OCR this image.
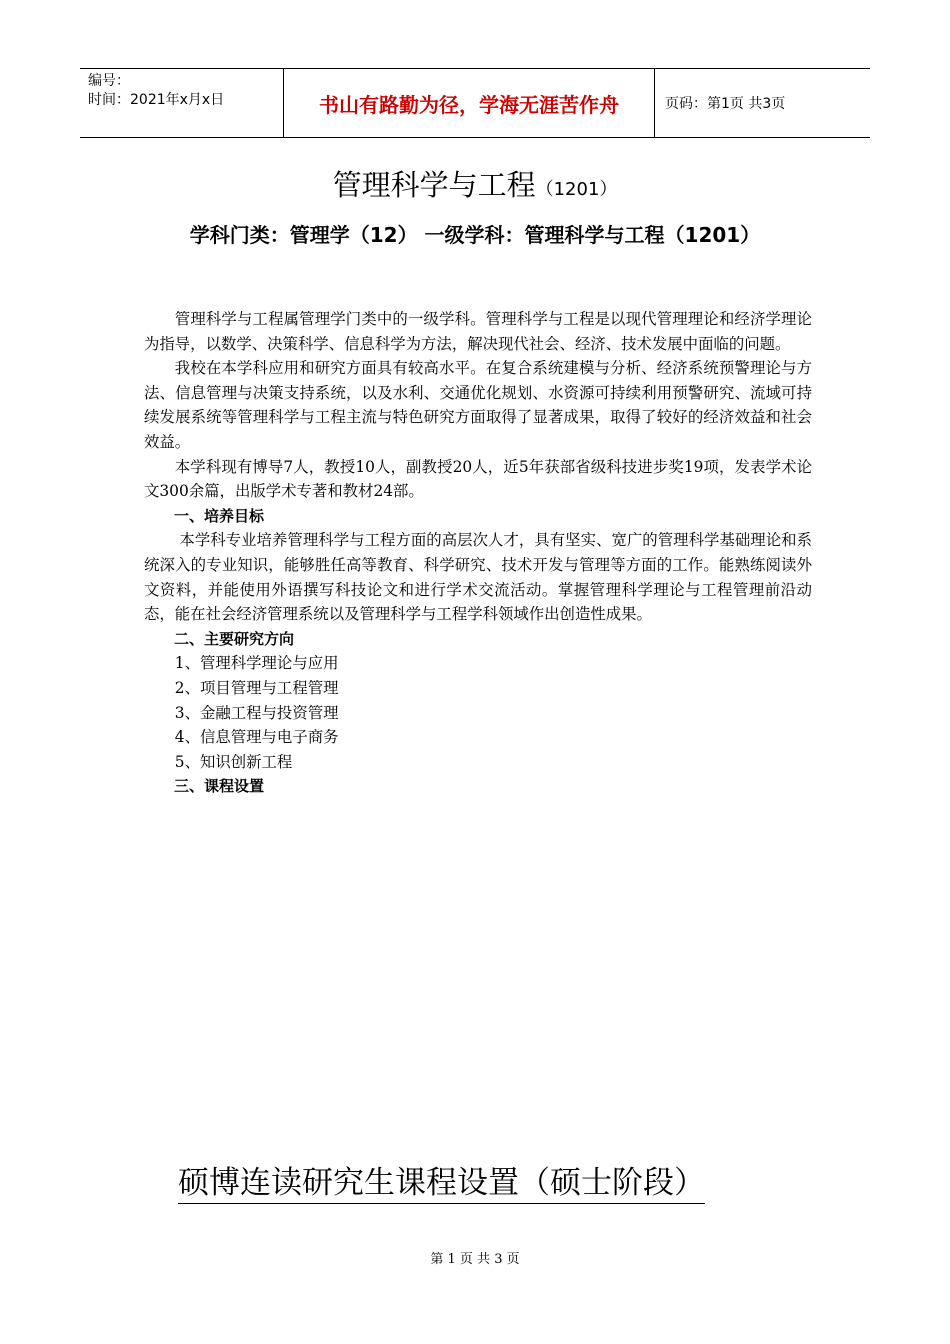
编号：
时间：2021年x月x日	书山有路勤为径，学海无涯苦作舟	页码：第1页 共3页
管理科学与工程（1201）
学科门类：管理学（12） 一级学科：管理科学与工程（1201）

管理科学与工程属管理学门类中的一级学科。管理科学与工程是以现代管理理论和经济学理论为指导，以数学、决策科学、信息科学为方法，解决现代社会、经济、技术发展中面临的问题。

我校在本学科应用和研究方面具有较高水平。在复合系统建模与分析、经济系统预警理论与方法、信息管理与决策支持系统，以及水利、交通优化规划、水资源可持续利用预警研究、流域可持续发展系统等管理科学与工程主流与特色研究方面取得了显著成果，取得了较好的经济效益和社会效益。

本学科现有博导7人，教授10人，副教授20人，近5年获部省级科技进步奖19项，发表学术论文300余篇，出版学术专著和教材24部。

一、培养目标

本学科专业培养管理科学与工程方面的高层次人才，具有坚实、宽广的管理科学基础理论和系统深入的专业知识，能够胜任高等教育、科学研究、技术开发与管理等方面的工作。能熟练阅读外文资料，并能使用外语撰写科技论文和进行学术交流活动。掌握管理科学理论与工程管理前沿动态，能在社会经济管理系统以及管理科学与工程学科领域作出创造性成果。

二、主要研究方向

1、管理科学理论与应用

2、项目管理与工程管理

3、金融工程与投资管理

4、信息管理与电子商务

5、知识创新工程

三、课程设置

硕博连读研究生课程设置（硕士阶段）
第 1 页 共 3 页
